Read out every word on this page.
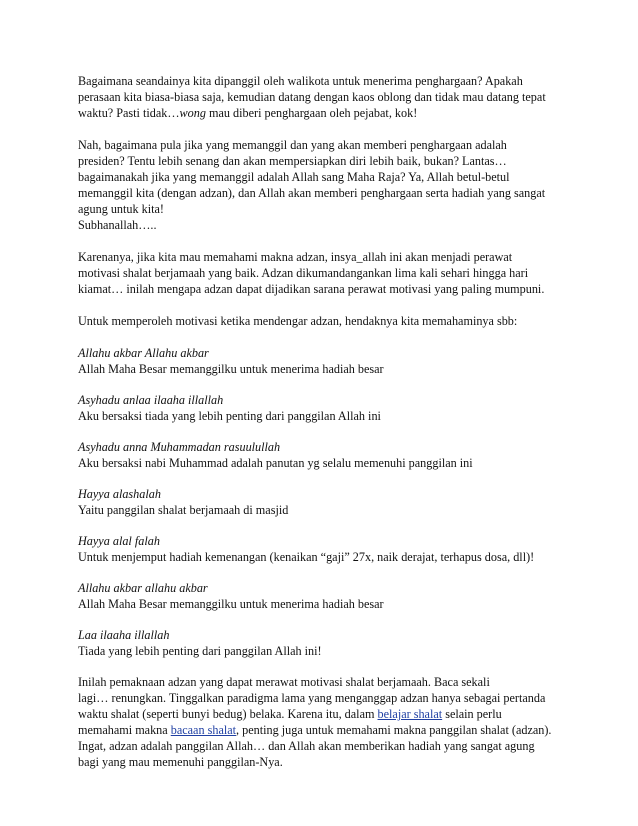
Bagaimana seandainya kita dipanggil oleh walikota untuk menerima penghargaan? Apakah

perasaan kita biasa-biasa saja, kemudian datang dengan kaos oblong dan tidak mau datang tepat

waktu? Pasti tidak…wong mau diberi penghargaan oleh pejabat, kok!

Nah, bagaimana pula jika yang memanggil dan yang akan memberi penghargaan adalah

presiden? Tentu lebih senang dan akan mempersiapkan diri lebih baik, bukan? Lantas…

bagaimanakah jika yang memanggil adalah Allah sang Maha Raja? Ya, Allah betul-betul

memanggil kita (dengan adzan), dan Allah akan memberi penghargaan serta hadiah yang sangat

agung untuk kita!

Subhanallah…..

Karenanya, jika kita mau memahami makna adzan, insya_allah ini akan menjadi perawat

motivasi shalat berjamaah yang baik. Adzan dikumandangankan lima kali sehari hingga hari

kiamat… inilah mengapa adzan dapat dijadikan sarana perawat motivasi yang paling mumpuni.

Untuk memperoleh motivasi ketika mendengar adzan, hendaknya kita memahaminya sbb:

Allahu akbar Allahu akbar

Allah Maha Besar memanggilku untuk menerima hadiah besar

Asyhadu anlaa ilaaha illallah

Aku bersaksi tiada yang lebih penting dari panggilan Allah ini

Asyhadu anna Muhammadan rasuulullah

Aku bersaksi nabi Muhammad adalah panutan yg selalu memenuhi panggilan ini

Hayya alashalah

Yaitu panggilan shalat berjamaah di masjid

Hayya alal falah

Untuk menjemput hadiah kemenangan (kenaikan “gaji” 27x, naik derajat, terhapus dosa, dll)!

Allahu akbar allahu akbar

Allah Maha Besar memanggilku untuk menerima hadiah besar

Laa ilaaha illallah

Tiada yang lebih penting dari panggilan Allah ini!

Inilah pemaknaan adzan yang dapat merawat motivasi shalat berjamaah. Baca sekali

lagi… renungkan. Tinggalkan paradigma lama yang menganggap adzan hanya sebagai pertanda

waktu shalat (seperti bunyi bedug) belaka. Karena itu, dalam belajar shalat selain perlu

memahami makna bacaan shalat, penting juga untuk memahami makna panggilan shalat (adzan).

Ingat, adzan adalah panggilan Allah… dan Allah akan memberikan hadiah yang sangat agung

bagi yang mau memenuhi panggilan-Nya.
